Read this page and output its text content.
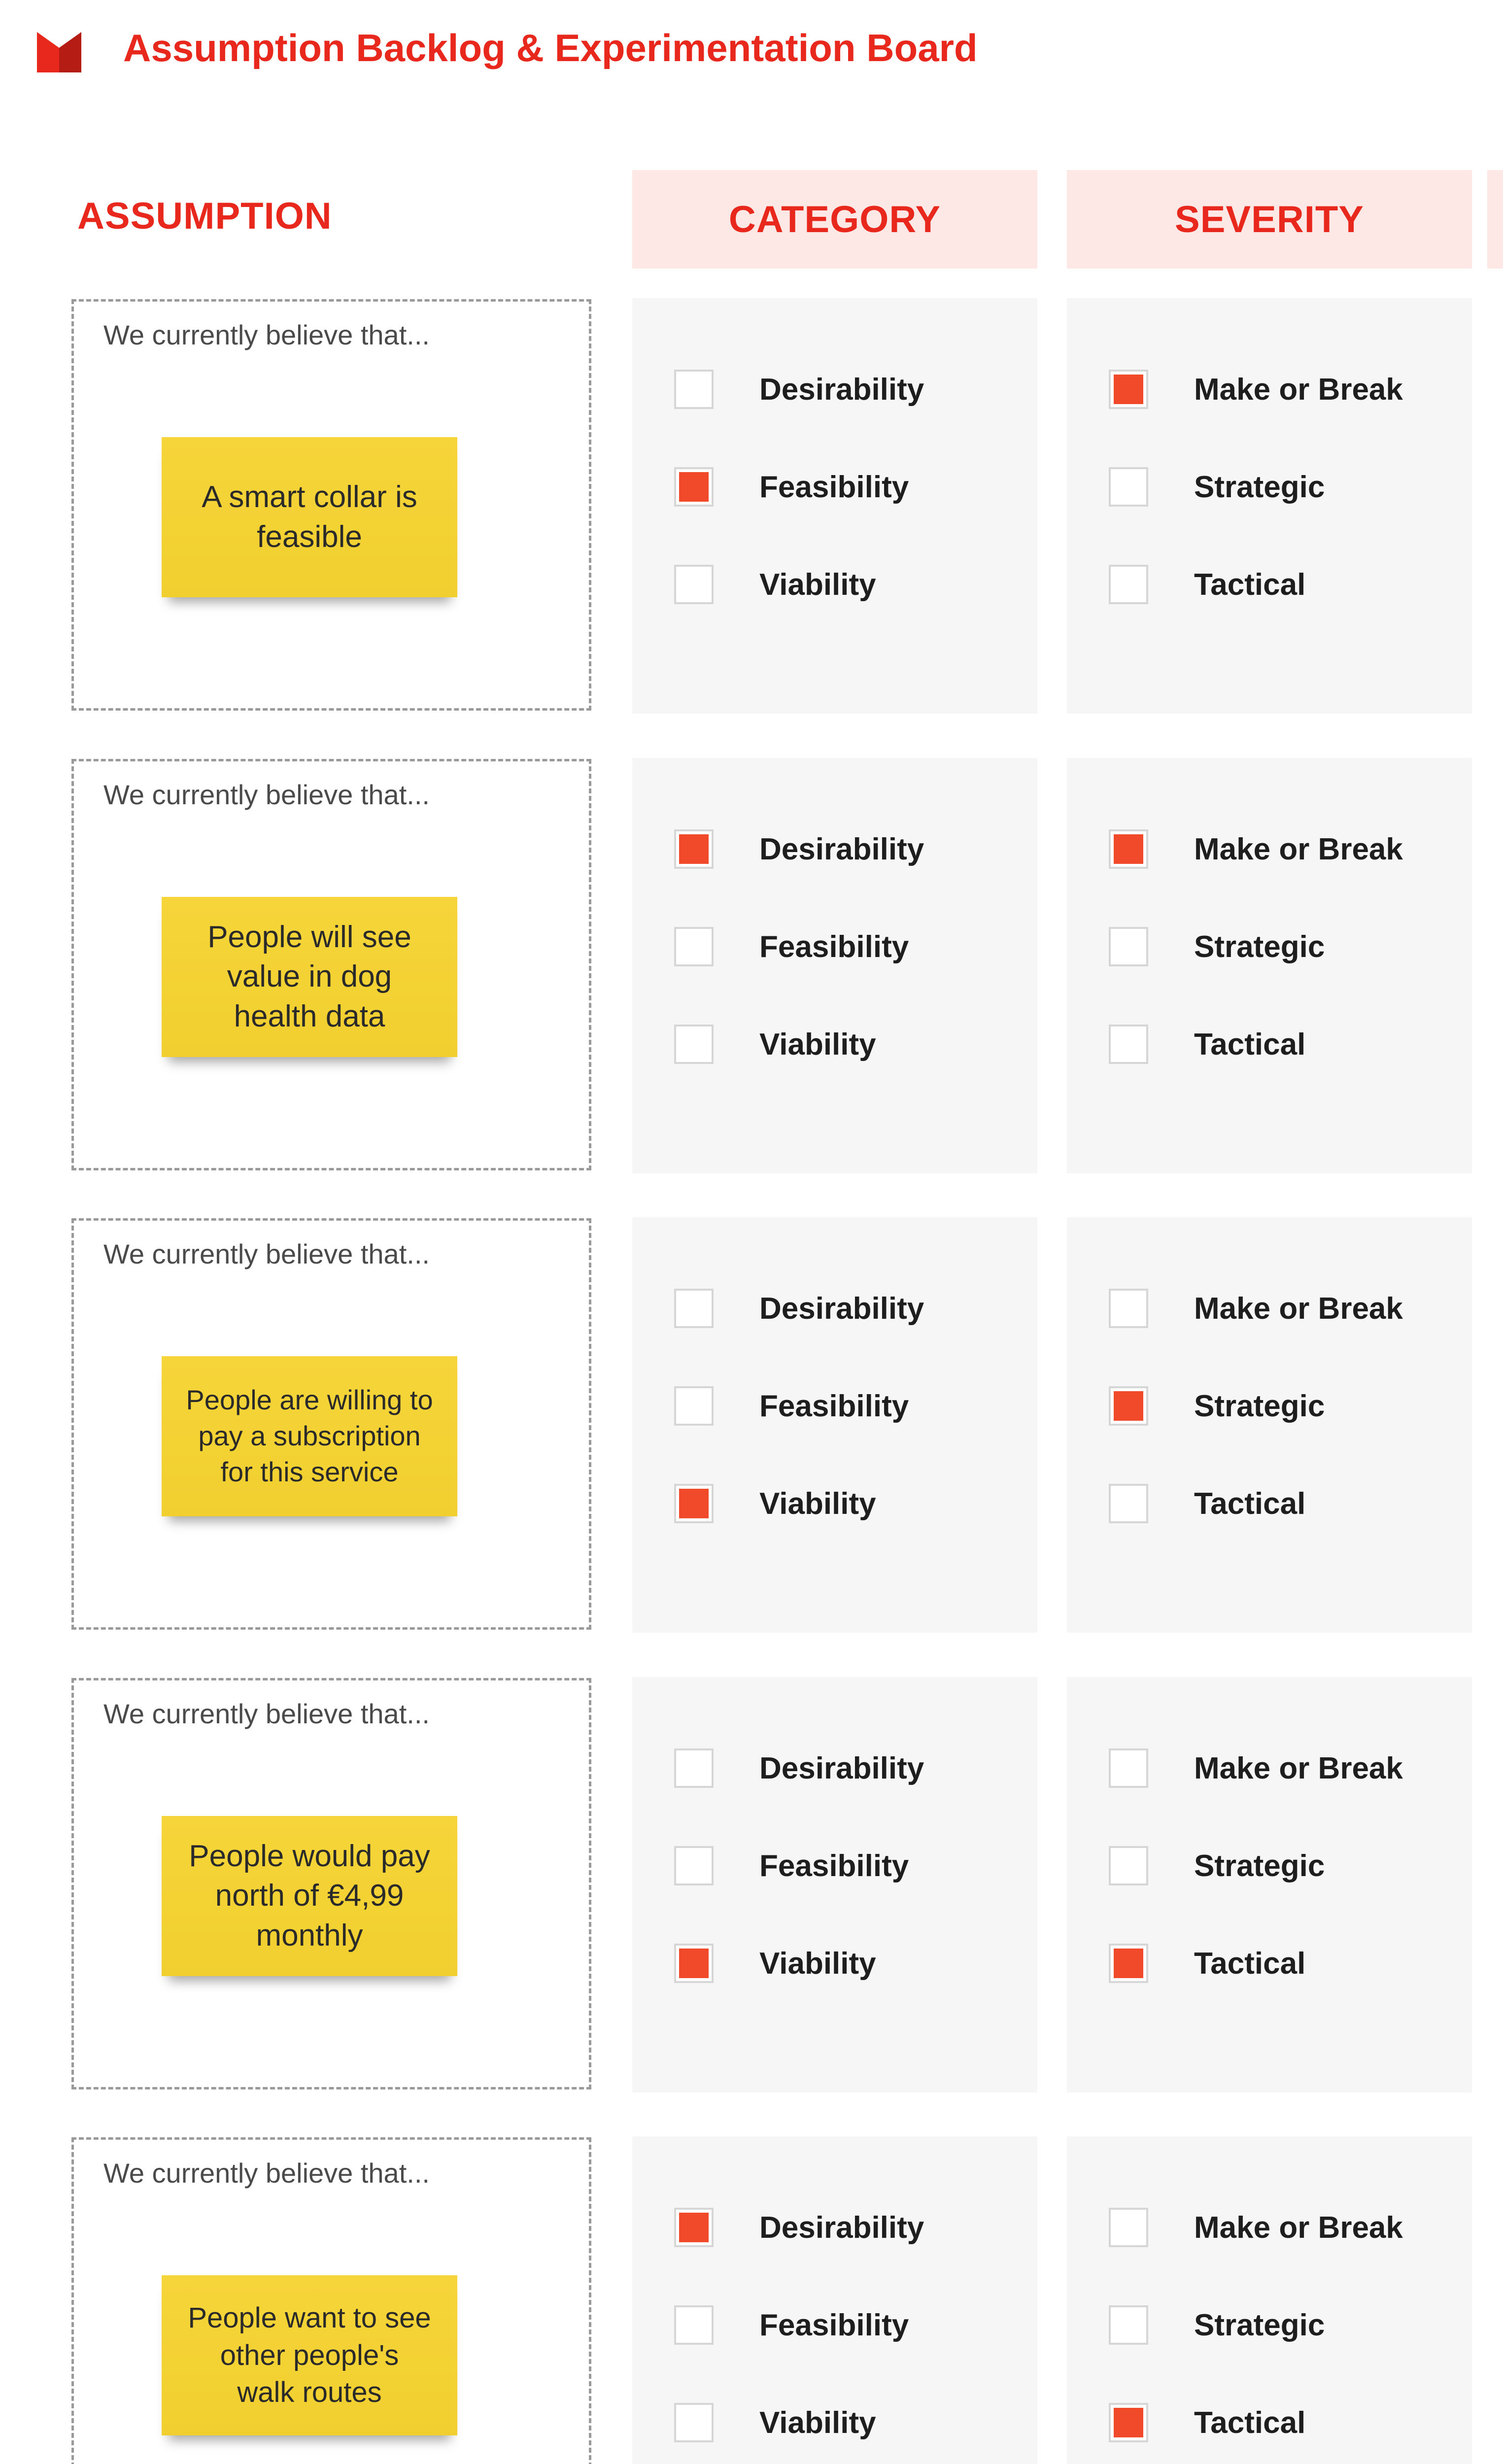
Assumption Backlog & Experimentation Board
ASSUMPTION	CATEGORY	SEVERITY
We currently believe that...
A smart collar is
feasible
Desirability
Feasibility
Viability
Make or Break
Strategic
Tactical
We currently believe that...
People will see
value in dog
health data
Desirability
Feasibility
Viability
Make or Break
Strategic
Tactical
We currently believe that...
People are willing to
pay a subscription
for this service
Desirability
Feasibility
Viability
Make or Break
Strategic
Tactical
We currently believe that...
People would pay
north of €4,99
monthly
Desirability
Feasibility
Viability
Make or Break
Strategic
Tactical
We currently believe that...
People want to see
other people's
walk routes
Desirability
Feasibility
Viability
Make or Break
Strategic
Tactical
